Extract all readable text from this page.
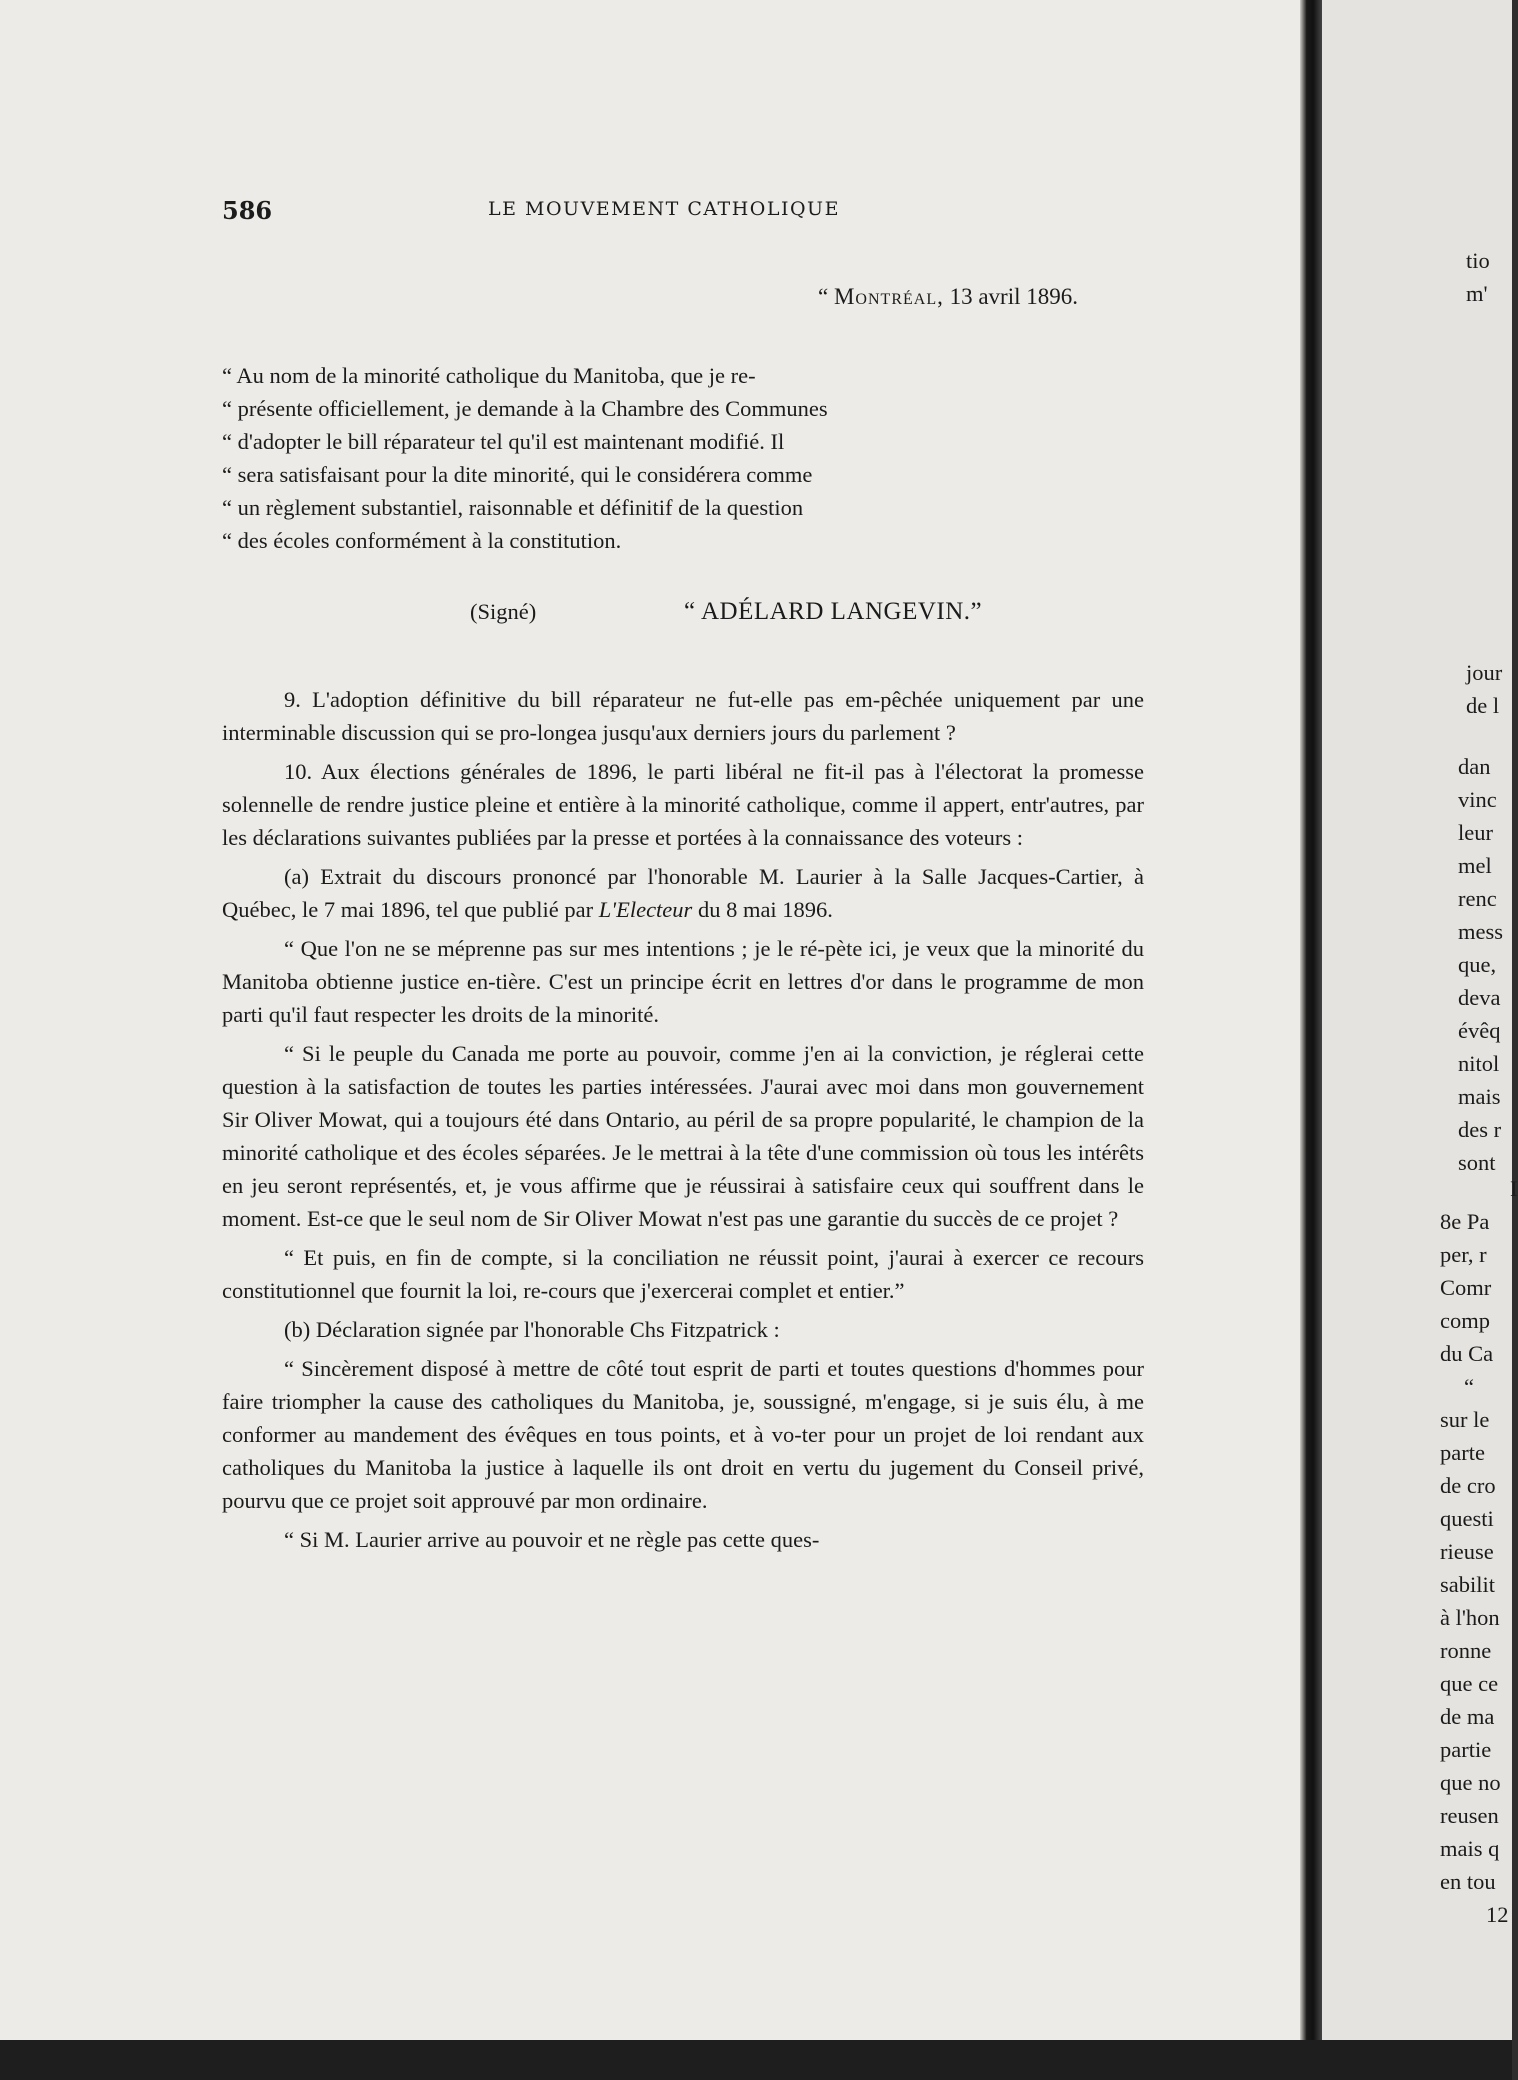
586	LE MOUVEMENT CATHOLIQUE
“ Montréal, 13 avril 1896.

“ Au nom de la minorité catholique du Manitoba, que je re-

“ présente officiellement, je demande à la Chambre des Communes

“ d'adopter le bill réparateur tel qu'il est maintenant modifié. Il

“ sera satisfaisant pour la dite minorité, qui le considérera comme

“ un règlement substantiel, raisonnable et définitif de la question

“ des écoles conformément à la constitution.

(Signé)	“ ADÉLARD LANGEVIN.”

9. L'adoption définitive du bill réparateur ne fut-elle pas em-pêchée uniquement par une interminable discussion qui se pro-longea jusqu'aux derniers jours du parlement ?

10. Aux élections générales de 1896, le parti libéral ne fit-il pas à l'électorat la promesse solennelle de rendre justice pleine et entière à la minorité catholique, comme il appert, entr'autres, par les déclarations suivantes publiées par la presse et portées à la connaissance des voteurs :

(a) Extrait du discours prononcé par l'honorable M. Laurier à la Salle Jacques-Cartier, à Québec, le 7 mai 1896, tel que publié par L'Electeur du 8 mai 1896.

“ Que l'on ne se méprenne pas sur mes intentions ; je le ré-pète ici, je veux que la minorité du Manitoba obtienne justice en-tière. C'est un principe écrit en lettres d'or dans le programme de mon parti qu'il faut respecter les droits de la minorité.

“ Si le peuple du Canada me porte au pouvoir, comme j'en ai la conviction, je réglerai cette question à la satisfaction de toutes les parties intéressées. J'aurai avec moi dans mon gouvernement Sir Oliver Mowat, qui a toujours été dans Ontario, au péril de sa propre popularité, le champion de la minorité catholique et des écoles séparées. Je le mettrai à la tête d'une commission où tous les intérêts en jeu seront représentés, et, je vous affirme que je réussirai à satisfaire ceux qui souffrent dans le moment. Est-ce que le seul nom de Sir Oliver Mowat n'est pas une garantie du succès de ce projet ?

“ Et puis, en fin de compte, si la conciliation ne réussit point, j'aurai à exercer ce recours constitutionnel que fournit la loi, re-cours que j'exercerai complet et entier.”

(b) Déclaration signée par l'honorable Chs Fitzpatrick :

“ Sincèrement disposé à mettre de côté tout esprit de parti et toutes questions d'hommes pour faire triompher la cause des catholiques du Manitoba, je, soussigné, m'engage, si je suis élu, à me conformer au mandement des évêques en tous points, et à vo-ter pour un projet de loi rendant aux catholiques du Manitoba la justice à laquelle ils ont droit en vertu du jugement du Conseil privé, pourvu que ce projet soit approuvé par mon ordinaire.

“ Si M. Laurier arrive au pouvoir et ne règle pas cette ques-

tio
m'
jour
de l
dan
vinc
leur
mel
renc
mess
que,
deva
évêq
nitol
mais
des r
sont
I
8e Pa
per, r
Comr
comp
du Ca
“
sur le
parte
de cro
questi
rieuse
sabilit
à l'hon
ronne
que ce
de ma
partie
que no
reusen
mais q
en tou
12
